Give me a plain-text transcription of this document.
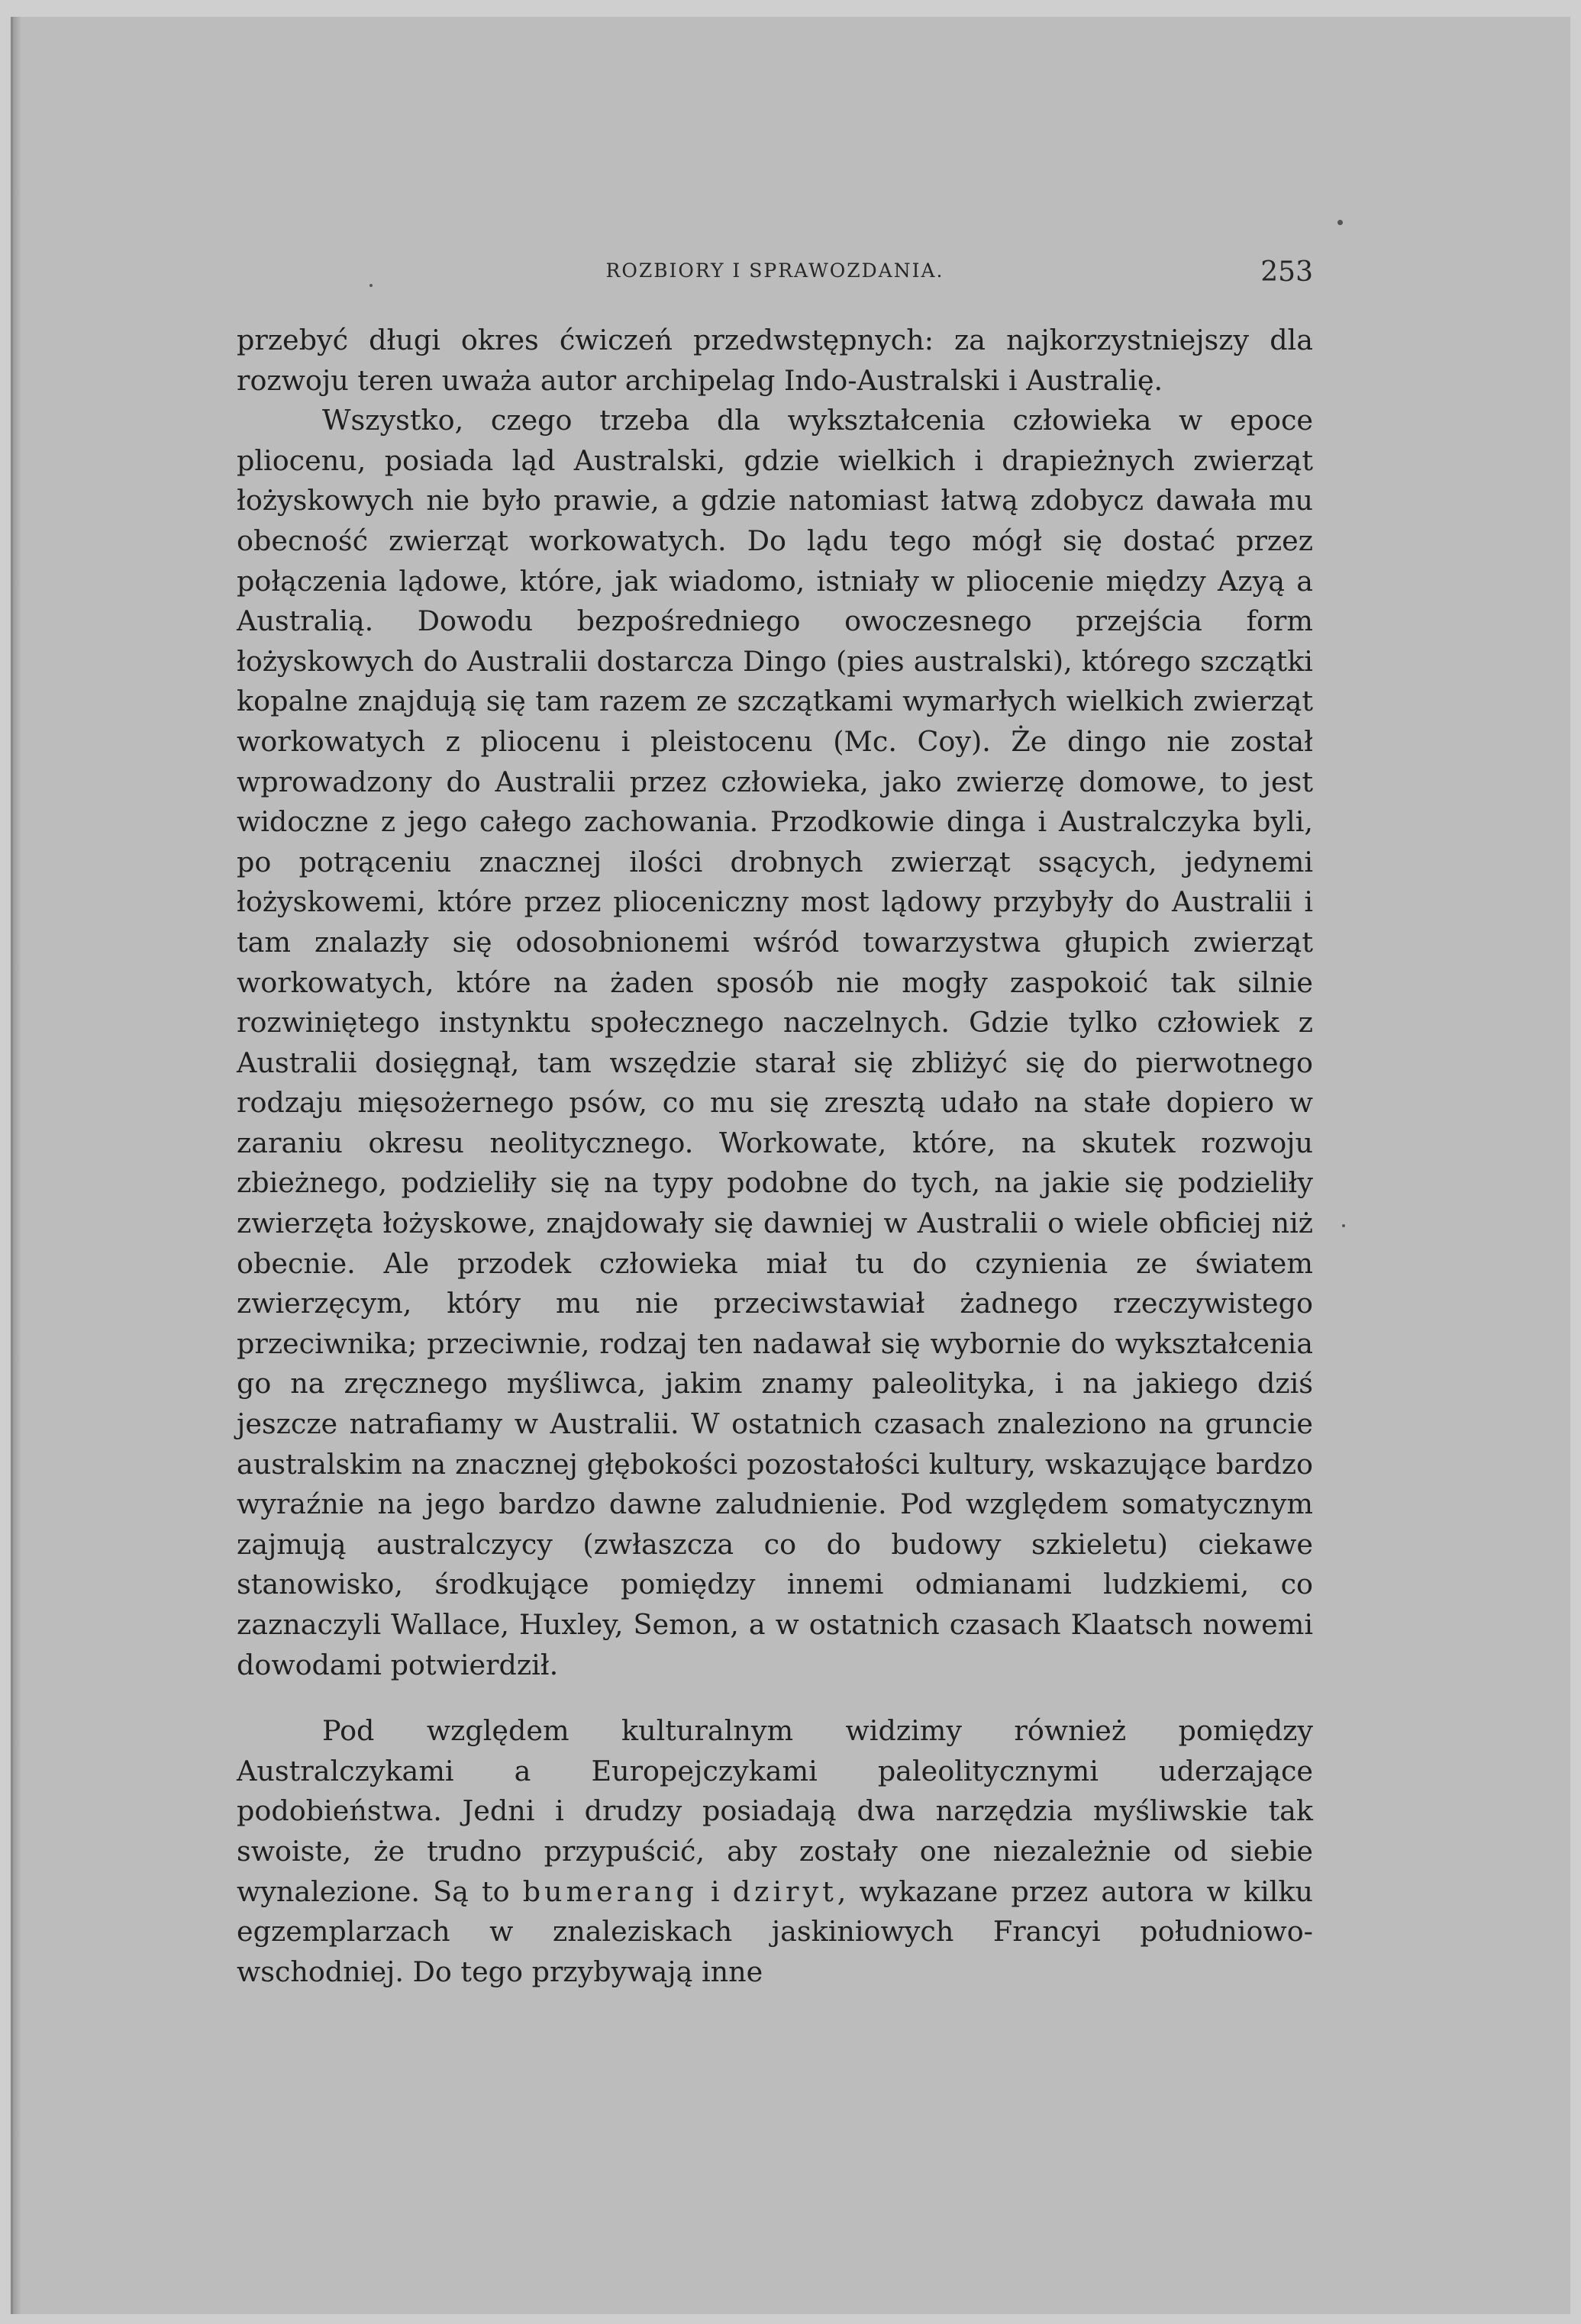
ROZBIORY I SPRAWOZDANIA.	253

przebyć długi okres ćwiczeń przedwstępnych: za najkorzystniejszy dla rozwoju teren uważa autor archipelag Indo-Australski i Australię.

Wszystko, czego trzeba dla wykształcenia człowieka w epoce pliocenu, posiada ląd Australski, gdzie wielkich i drapieżnych zwierząt łożyskowych nie było prawie, a gdzie natomiast łatwą zdobycz dawała mu obecność zwierząt workowatych. Do lądu tego mógł się dostać przez połączenia lądowe, które, jak wiadomo, istniały w pliocenie między Azyą a Australią. Dowodu bezpośredniego owoczesnego przejścia form łożyskowych do Australii dostarcza Dingo (pies australski), którego szczątki kopalne znajdują się tam razem ze szczątkami wymarłych wielkich zwierząt workowatych z pliocenu i pleistocenu (Mc. Coy). Że dingo nie został wprowadzony do Australii przez człowieka, jako zwierzę domowe, to jest widoczne z jego całego zachowania. Przodkowie dinga i Australczyka byli, po potrąceniu znacznej ilości drobnych zwierząt ssących, jedynemi łożyskowemi, które przez plioceniczny most lądowy przybyły do Australii i tam znalazły się odosobnionemi wśród towarzystwa głupich zwierząt workowatych, które na żaden sposób nie mogły zaspokoić tak silnie rozwiniętego instynktu społecznego naczelnych. Gdzie tylko człowiek z Australii dosięgnął, tam wszędzie starał się zbliżyć się do pierwotnego rodzaju mięsożernego psów, co mu się zresztą udało na stałe dopiero w zaraniu okresu neolitycznego. Workowate, które, na skutek rozwoju zbieżnego, podzieliły się na typy podobne do tych, na jakie się podzieliły zwierzęta łożyskowe, znajdowały się dawniej w Australii o wiele obficiej niż obecnie. Ale przodek człowieka miał tu do czynienia ze światem zwierzęcym, który mu nie przeciwstawiał żadnego rzeczywistego przeciwnika; przeciwnie, rodzaj ten nadawał się wybornie do wykształcenia go na zręcznego myśliwca, jakim znamy paleolityka, i na jakiego dziś jeszcze natrafiamy w Australii. W ostatnich czasach znaleziono na gruncie australskim na znacznej głębokości pozostałości kultury, wskazujące bardzo wyraźnie na jego bardzo dawne zaludnienie. Pod względem somatycznym zajmują australczycy (zwłaszcza co do budowy szkieletu) ciekawe stanowisko, środkujące pomiędzy innemi odmianami ludzkiemi, co zaznaczyli Wallace, Huxley, Semon, a w ostatnich czasach Klaatsch nowemi dowodami potwierdził.

Pod względem kulturalnym widzimy również pomiędzy Australczykami a Europejczykami paleolitycznymi uderzające podobieństwa. Jedni i drudzy posiadają dwa narzędzia myśliwskie tak swoiste, że trudno przypuścić, aby zostały one niezależnie od siebie wynalezione. Są to bumerang i dziryt, wykazane przez autora w kilku egzemplarzach w znaleziskach jaskiniowych Francyi południowo-wschodniej. Do tego przybywają inne
